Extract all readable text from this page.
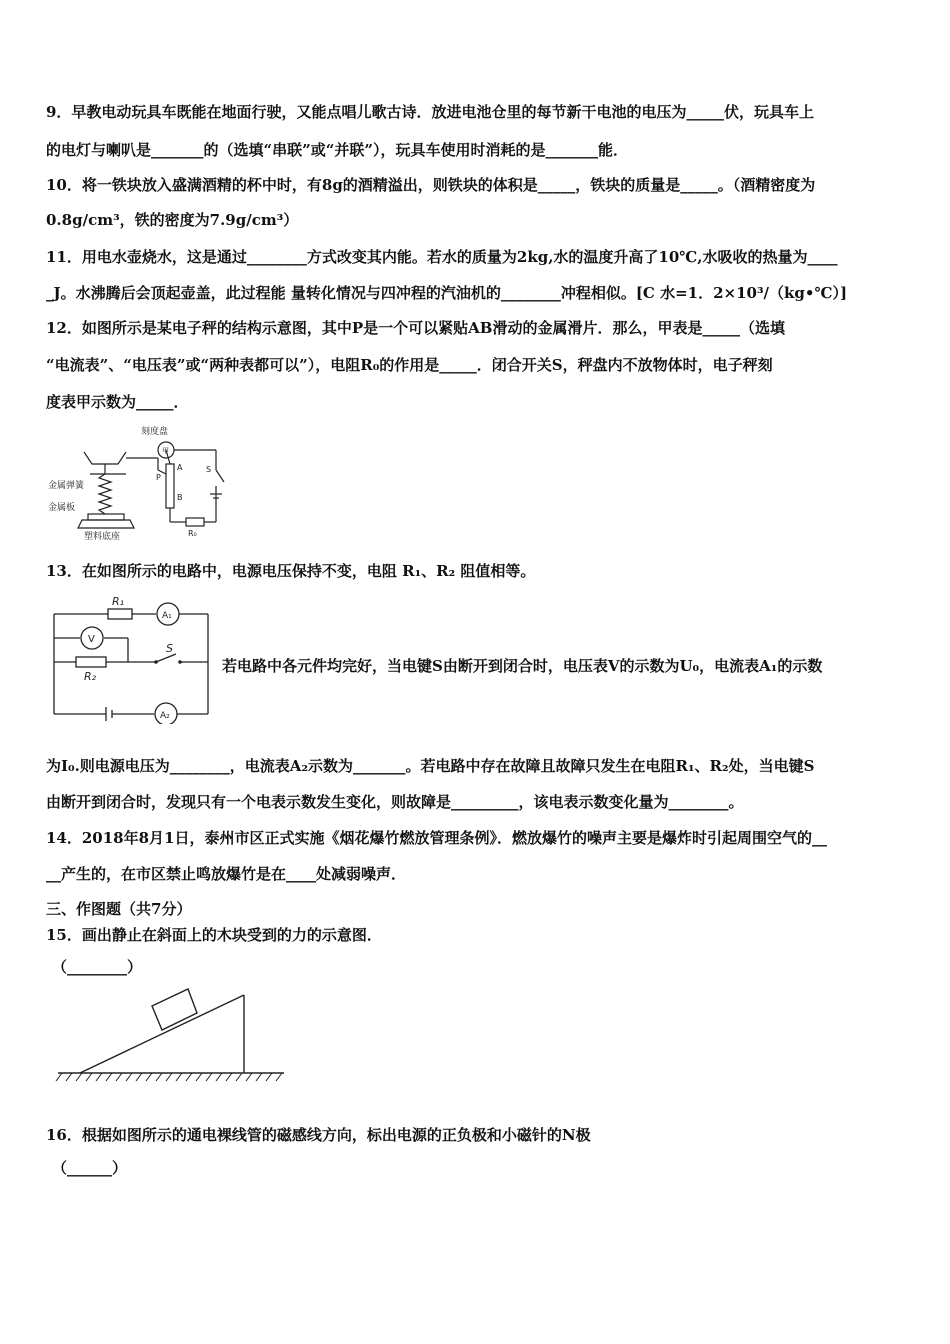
9．早教电动玩具车既能在地面行驶，又能点唱儿歌古诗．放进电池仓里的每节新干电池的电压为_____伏，玩具车上
的电灯与喇叭是_______的（选填“串联”或“并联”），玩具车使用时消耗的是_______能．
10．将一铁块放入盛满酒精的杯中时，有8g的酒精溢出，则铁块的体积是_____，铁块的质量是_____。（酒精密度为
0.8g/cm³，铁的密度为7.9g/cm³）
11．用电水壶烧水，这是通过________方式改变其内能。若水的质量为2kg,水的温度升高了10℃,水吸收的热量为____
_J。水沸腾后会顶起壶盖，此过程能 量转化情况与四冲程的汽油机的________冲程相似。[C 水=1．2×10³/（kg•℃）]
12．如图所示是某电子秤的结构示意图，其中P是一个可以紧贴AB滑动的金属滑片．那么，甲表是_____（选填
“电流表”、“电压表”或“两种表都可以”），电阻R₀的作用是_____．闭合开关S，秤盘内不放物体时，电子秤刻
度表甲示数为_____．
刻度盘
甲
金属弹簧
金属板
塑料底座
A
B
P
S
R₀
13．在如图所示的电路中，电源电压保持不变，电阻 R₁、R₂ 阻值相等。
R₁
A₁
V
R₂
S
A₂
若电路中各元件均完好，当电键S由断开到闭合时，电压表V的示数为U₀，电流表A₁的示数
为I₀.则电源电压为________，电流表A₂示数为_______。若电路中存在故障且故障只发生在电阻R₁、R₂处，当电键S
由断开到闭合时，发现只有一个电表示数发生变化，则故障是_________，该电表示数变化量为________。
14．2018年8月1日，泰州市区正式实施《烟花爆竹燃放管理条例》．燃放爆竹的噪声主要是爆炸时引起周围空气的__
__产生的，在市区禁止鸣放爆竹是在____处减弱噪声．
三、作图题（共7分）
15．画出静止在斜面上的木块受到的力的示意图．
（________）
16．根据如图所示的通电裸线管的磁感线方向，标出电源的正负极和小磁针的N极
（______）
